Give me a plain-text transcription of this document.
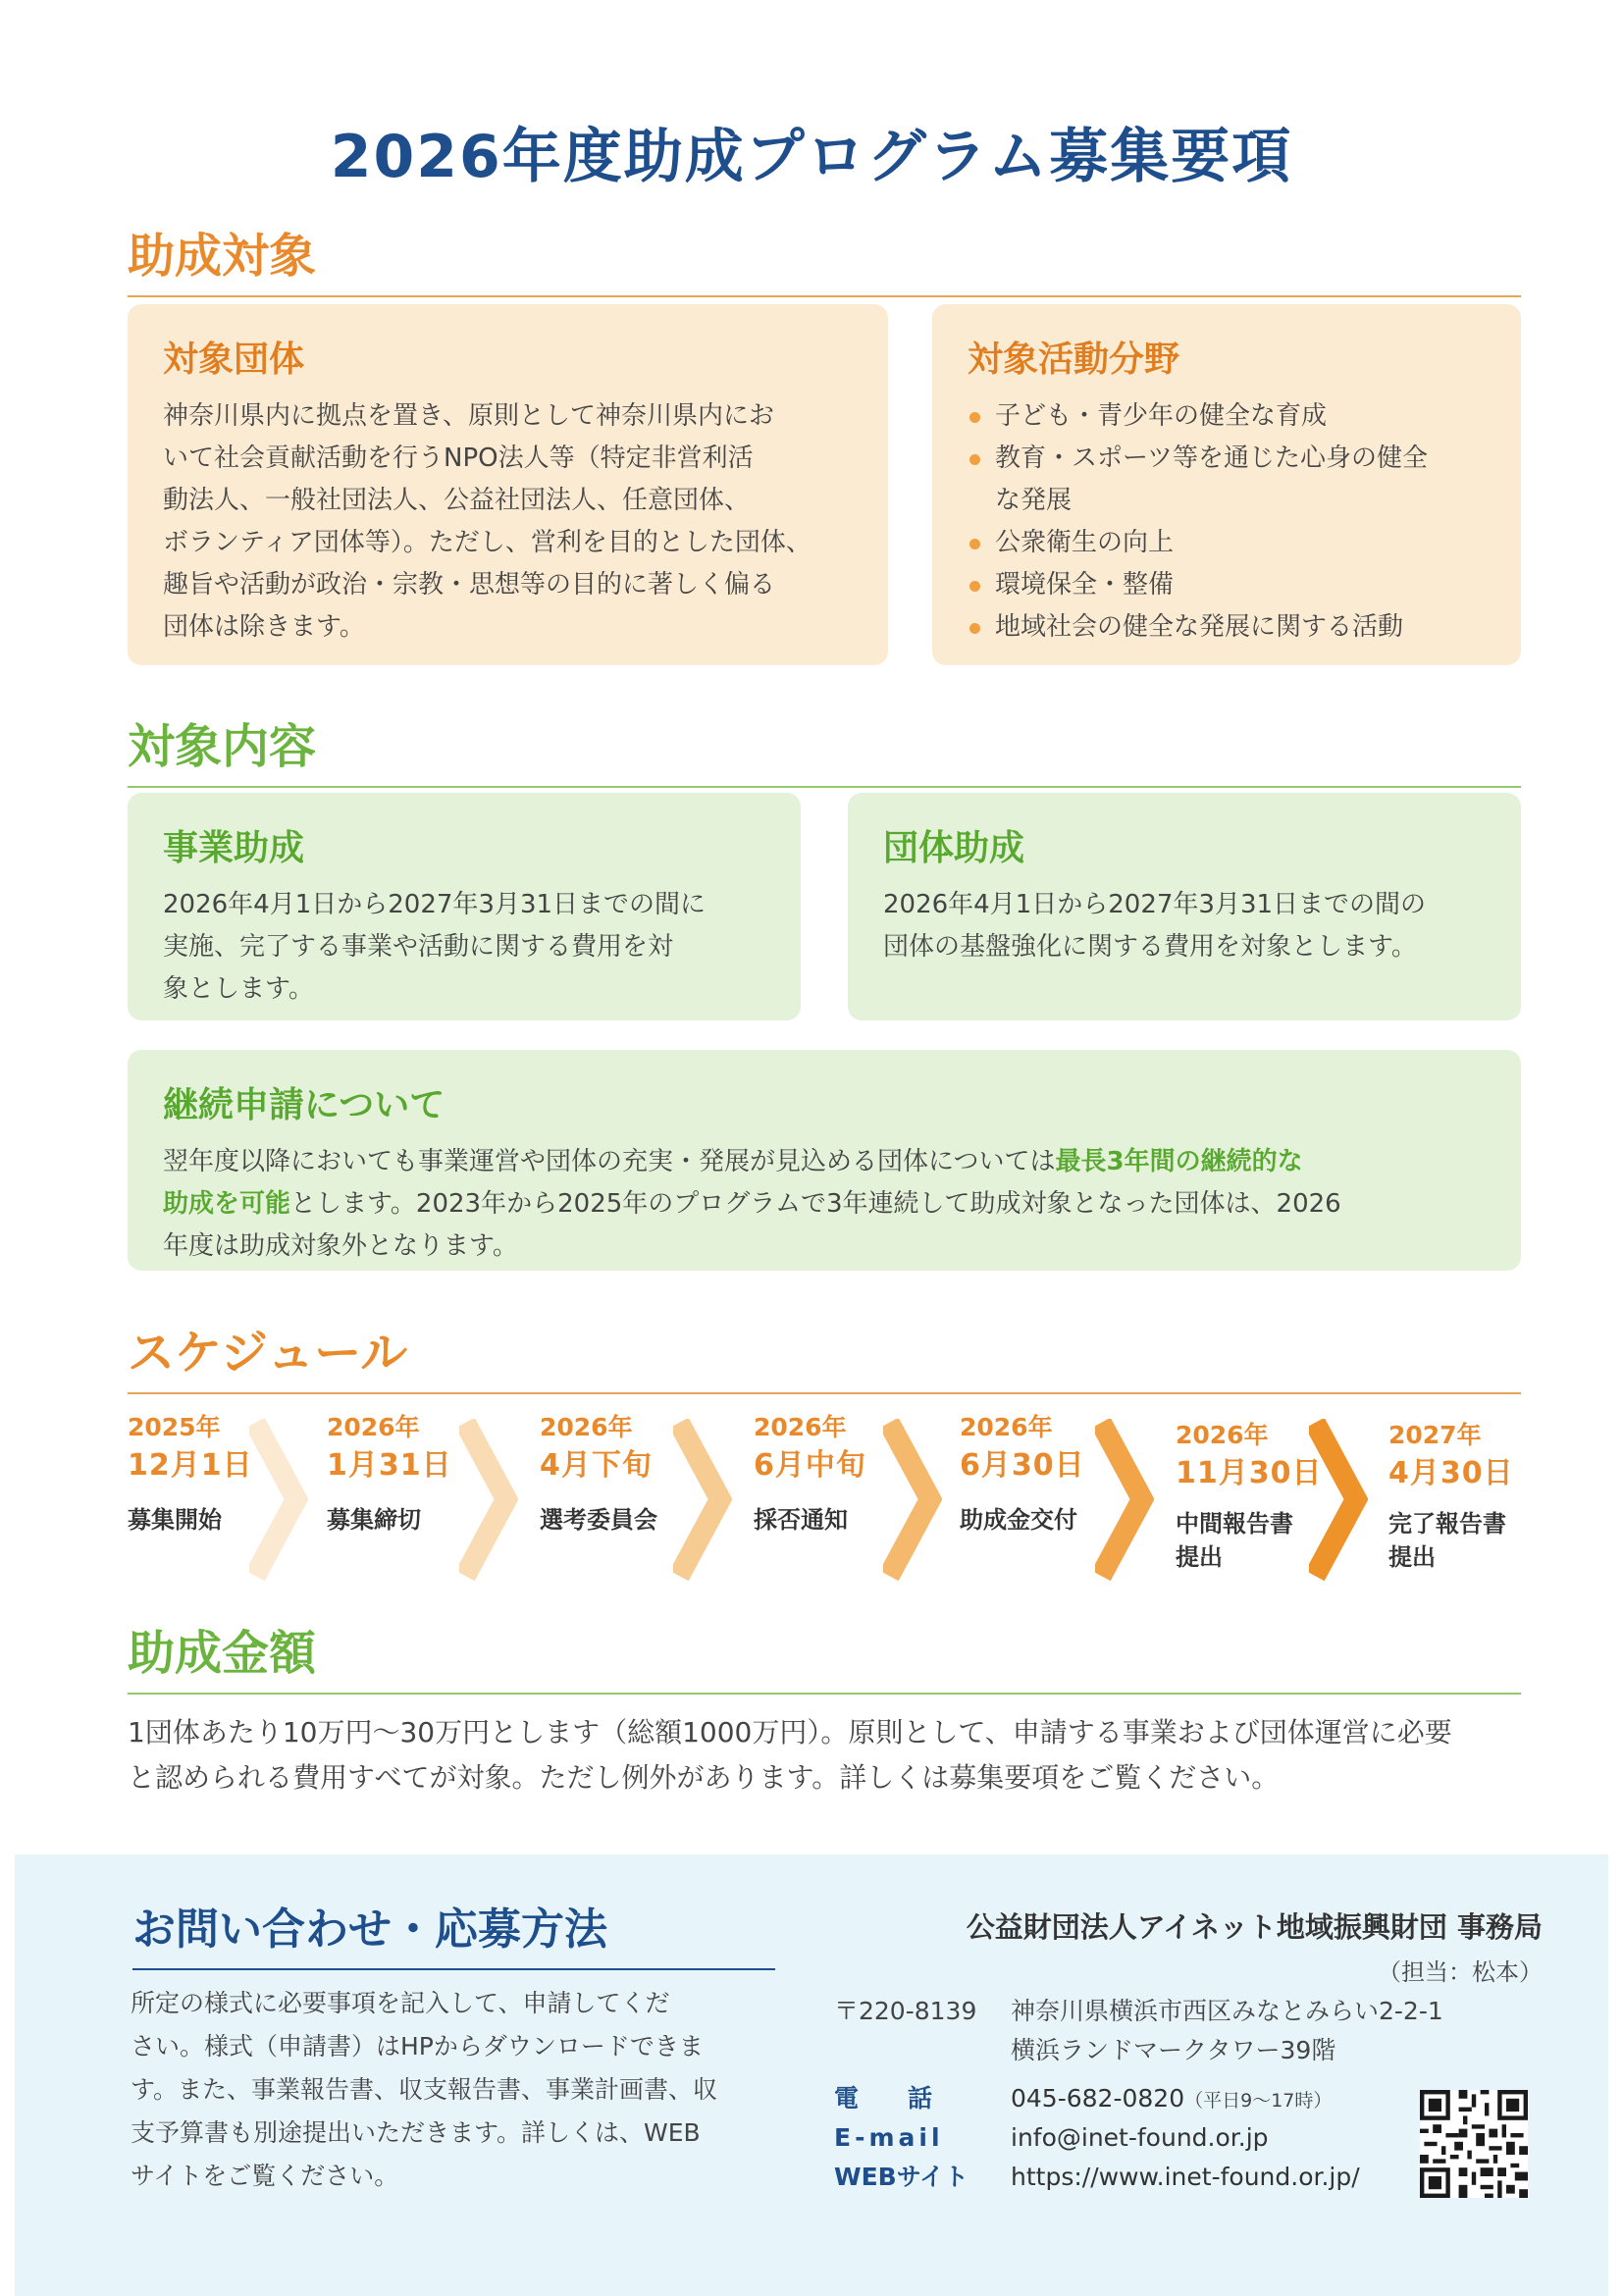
2026年度助成プログラム募集要項
助成対象
対象団体
神奈川県内に拠点を置き、原則として神奈川県内にお
いて社会貢献活動を行うNPO法人等（特定非営利活
動法人、一般社団法人、公益社団法人、任意団体、
ボランティア団体等）。ただし、営利を目的とした団体、
趣旨や活動が政治・宗教・思想等の目的に著しく偏る
団体は除きます。
対象活動分野
子ども・青少年の健全な育成
教育・スポーツ等を通じた心身の健全
な発展
公衆衛生の向上
環境保全・整備
地域社会の健全な発展に関する活動
対象内容
事業助成
2026年4月1日から2027年3月31日までの間に
実施、完了する事業や活動に関する費用を対
象とします。
団体助成
2026年4月1日から2027年3月31日までの間の
団体の基盤強化に関する費用を対象とします。
継続申請について
翌年度以降においても事業運営や団体の充実・発展が見込める団体については最長3年間の継続的な
助成を可能とします。2023年から2025年のプログラムで3年連続して助成対象となった団体は、2026
年度は助成対象外となります。
スケジュール
2025年
12月1日
募集開始
2026年
1月31日
募集締切
2026年
4月下旬
選考委員会
2026年
6月中旬
採否通知
2026年
6月30日
助成金交付
2026年
11月30日
中間報告書
提出
2027年
4月30日
完了報告書
提出
助成金額
1団体あたり10万円〜30万円とします（総額1000万円）。原則として、申請する事業および団体運営に必要
と認められる費用すべてが対象。ただし例外があります。詳しくは募集要項をご覧ください。
お問い合わせ・応募方法
所定の様式に必要事項を記入して、申請してくだ
さい。様式（申請書）はHPからダウンロードできま
す。また、事業報告書、収支報告書、事業計画書、収
支予算書も別途提出いただきます。詳しくは、WEB
サイトをご覧ください。
公益財団法人アイネット地域振興財団 事務局
（担当：松本）
〒220-8139 神奈川県横浜市西区みなとみらい2-2-1
横浜ランドマークタワー39階
電　　話	045-682-0820（平日9〜17時）
E-mail	info@inet-found.or.jp
WEBサイト https://www.inet-found.or.jp/
